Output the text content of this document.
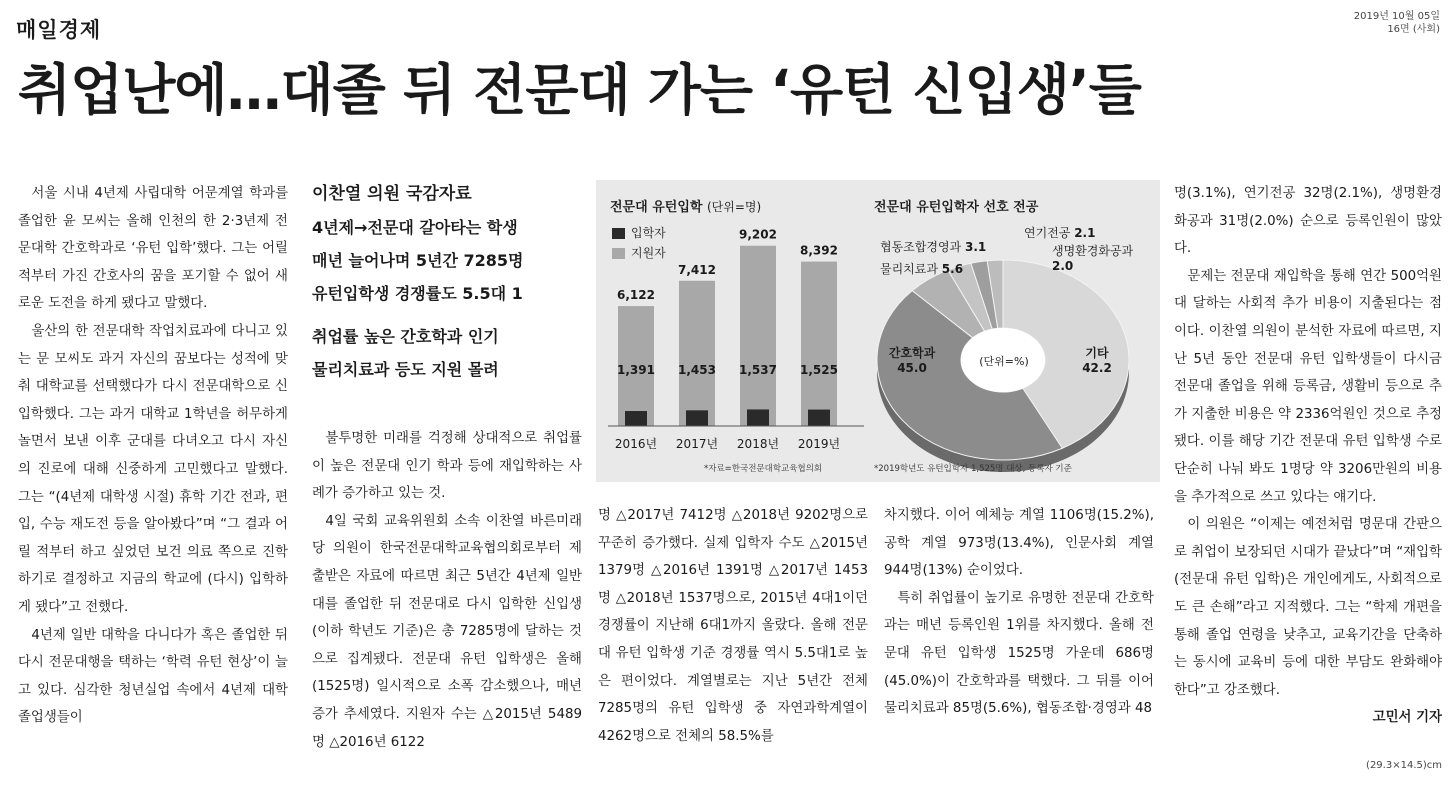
매일경제
2019년 10월 05일
16면 (사회)
취업난에…대졸 뒤 전문대 가는 ‘유턴 신입생’들

서울 시내 4년제 사립대학 어문계열 학과를 졸업한 윤 모씨는 올해 인천의 한 2·3년제 전문대학 간호학과로 ‘유턴 입학’했다. 그는 어릴 적부터 가진 간호사의 꿈을 포기할 수 없어 새로운 도전을 하게 됐다고 말했다.

울산의 한 전문대학 작업치료과에 다니고 있는 문 모씨도 과거 자신의 꿈보다는 성적에 맞춰 대학교를 선택했다가 다시 전문대학으로 신입학했다. 그는 과거 대학교 1학년을 허무하게 놀면서 보낸 이후 군대를 다녀오고 다시 자신의 진로에 대해 신중하게 고민했다고 말했다. 그는 “(4년제 대학생 시절) 휴학 기간 전과, 편입, 수능 재도전 등을 알아봤다”며 “그 결과 어릴 적부터 하고 싶었던 보건 의료 쪽으로 진학하기로 결정하고 지금의 학교에 (다시) 입학하게 됐다”고 전했다.

4년제 일반 대학을 다니다가 혹은 졸업한 뒤 다시 전문대행을 택하는 ‘학력 유턴 현상’이 늘고 있다. 심각한 청년실업 속에서 4년제 대학 졸업생들이

이찬열 의원 국감자료
4년제→전문대 갈아타는 학생
매년 늘어나며 5년간 7285명
유턴입학생 경쟁률도 5.5대 1
취업률 높은 간호학과 인기
물리치료과 등도 지원 몰려

불투명한 미래를 걱정해 상대적으로 취업률이 높은 전문대 인기 학과 등에 재입학하는 사례가 증가하고 있는 것.

4일 국회 교육위원회 소속 이찬열 바른미래당 의원이 한국전문대학교육협의회로부터 제출받은 자료에 따르면 최근 5년간 4년제 일반대를 졸업한 뒤 전문대로 다시 입학한 신입생(이하 학년도 기준)은 총 7285명에 달하는 것으로 집계됐다. 전문대 유턴 입학생은 올해(1525명) 일시적으로 소폭 감소했으나, 매년 증가 추세였다. 지원자 수는 △2015년 5489명 △2016년 6122

전문대 유턴입학 (단위=명)
입학자
지원자
6,122
1,391
2016년
7,412
1,453
2017년
9,202
1,537
2018년
8,392
1,525
2019년
*자료=한국전문대학교육협의회
전문대 유턴입학자 선호 전공
협동조합경영과 3.1
물리치료과 5.6
연기전공 2.1
생명환경화공과
2.0
간호학과
45.0
기타
42.2
(단위=%)
*2019학년도 유턴입학자 1,525명 대상, 등록자 기준

명 △2017년 7412명 △2018년 9202명으로 꾸준히 증가했다. 실제 입학자 수도 △2015년 1379명 △2016년 1391명 △2017년 1453명 △2018년 1537명으로, 2015년 4대1이던 경쟁률이 지난해 6대1까지 올랐다. 올해 전문대 유턴 입학생 기준 경쟁률 역시 5.5대1로 높은 편이었다. 계열별로는 지난 5년간 전체 7285명의 유턴 입학생 중 자연과학계열이 4262명으로 전체의 58.5%를

차지했다. 이어 예체능 계열 1106명(15.2%), 공학 계열 973명(13.4%), 인문사회 계열 944명(13%) 순이었다.

특히 취업률이 높기로 유명한 전문대 간호학과는 매년 등록인원 1위를 차지했다. 올해 전문대 유턴 입학생 1525명 가운데 686명(45.0%)이 간호학과를 택했다. 그 뒤를 이어 물리치료과 85명(5.6%), 협동조합·경영과 48

명(3.1%), 연기전공 32명(2.1%), 생명환경화공과 31명(2.0%) 순으로 등록인원이 많았다.

문제는 전문대 재입학을 통해 연간 500억원대 달하는 사회적 추가 비용이 지출된다는 점이다. 이찬열 의원이 분석한 자료에 따르면, 지난 5년 동안 전문대 유턴 입학생들이 다시금 전문대 졸업을 위해 등록금, 생활비 등으로 추가 지출한 비용은 약 2336억원인 것으로 추정됐다. 이를 해당 기간 전문대 유턴 입학생 수로 단순히 나눠 봐도 1명당 약 3206만원의 비용을 추가적으로 쓰고 있다는 얘기다.

이 의원은 “이제는 예전처럼 명문대 간판으로 취업이 보장되던 시대가 끝났다”며 “재입학(전문대 유턴 입학)은 개인에게도, 사회적으로도 큰 손해”라고 지적했다. 그는 “학제 개편을 통해 졸업 연령을 낮추고, 교육기간을 단축하는 동시에 교육비 등에 대한 부담도 완화해야 한다”고 강조했다.

고민서 기자

(29.3×14.5)cm
